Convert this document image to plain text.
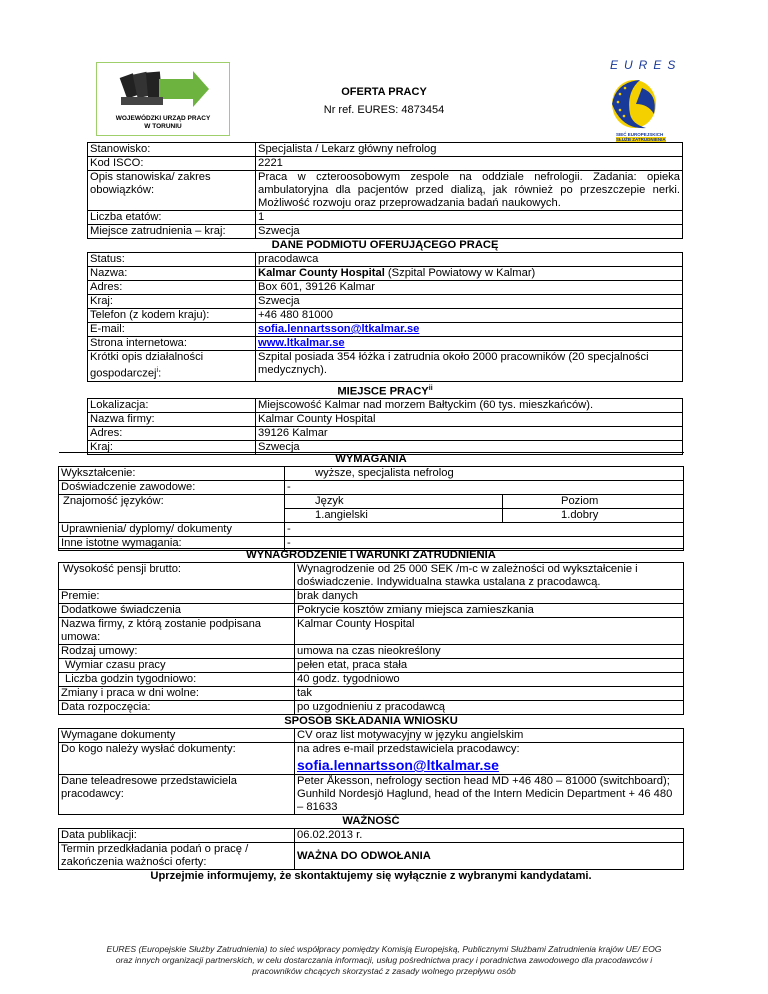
WOJEWÓDZKI URZĄD PRACY
W TORUNIU
OFERTA PRACY
Nr ref. EURES: 4873454
EURES
SIEĆ EUROPEJSKICH
SŁUŻB ZATRUDNIENIA
Stanowisko:	Specjalista / Lekarz główny nefrolog
Kod ISCO:	2221
Opis stanowiska/ zakres obowiązków:	Praca w czteroosobowym zespole na oddziale nefrologii. Zadania: opieka ambulatoryjna dla pacjentów przed dializą, jak również po przeszczepie nerki. Możliwość rozwoju oraz przeprowadzania badań naukowych.
Liczba etatów:	1
Miejsce zatrudnienia – kraj:	Szwecja
DANE PODMIOTU OFERUJĄCEGO PRACĘ	
Status:	pracodawca
Nazwa:	Kalmar County Hospital (Szpital Powiatowy w Kalmar)
Adres:	Box 601, 39126 Kalmar
Kraj:	Szwecja
Telefon (z kodem kraju):	+46 480 81000
E-mail:	sofia.lennartsson@ltkalmar.se
Strona internetowa:	www.ltkalmar.se
Krótki opis działalności gospodarczej$^i$:	Szpital posiada 354 łóżka i zatrudnia około 2000 pracowników (20 specjalności medycznych).
MIEJSCE PRACY$^{ii}$
Lokalizacja:	Miejscowość Kalmar nad morzem Bałtyckim (60 tys. mieszkańców).
Nazwa firmy:	Kalmar County Hospital
Adres:	39126 Kalmar
Kraj:	Szwecja
WYMAGANIA		
Wykształcenie:	wyższe, specjalista nefrolog	
Doświadczenie zawodowe:	-	
Znajomość języków:	Język	Poziom
	1.angielski	1.dobry
Uprawnienia/ dyplomy/ dokumenty	-	
Inne istotne wymagania:	-	
WYNAGRODZENIE I WARUNKI ZATRUDNIENIA	
Wysokość pensji brutto:	Wynagrodzenie od 25 000 SEK /m-c w zależności od wykształcenie i doświadczenie. Indywidualna stawka ustalana z pracodawcą.
Premie:	brak danych
Dodatkowe świadczenia	Pokrycie kosztów zmiany miejsca zamieszkania
Nazwa firmy, z którą zostanie podpisana umowa:	Kalmar County Hospital
Rodzaj umowy:	umowa na czas nieokreślony
Wymiar czasu pracy	pełen etat, praca stała
Liczba godzin tygodniowo:	40 godz. tygodniowo
Zmiany i praca w dni wolne:	tak
Data rozpoczęcia:	po uzgodnieniu z pracodawcą
SPOSÓB SKŁADANIA WNIOSKU	
Wymagane dokumenty	CV oraz list motywacyjny w języku angielskim
Do kogo należy wysłać dokumenty:	na adres e-mail przedstawiciela pracodawcy:
sofia.lennartsson@ltkalmar.se
Dane teleadresowe przedstawiciela pracodawcy:	Peter Åkesson, nefrology section head MD +46 480 – 81000 (switchboard);
Gunhild Nordesjö Haglund, head of the Intern Medicin Department + 46 480 – 81633

WAŻNOŚĆ	
Data publikacji:	06.02.2013 r.
Termin przedkładania podań o pracę / zakończenia ważności oferty:	WAŻNA DO ODWOŁANIA
Uprzejmie informujemy, że skontaktujemy się wyłącznie z wybranymi kandydatami.	
EURES (Europejskie Służby Zatrudnienia) to sieć współpracy pomiędzy Komisją Europejską, Publicznymi Służbami Zatrudnienia krajów UE/ EOG
oraz innych organizacji partnerskich, w celu dostarczania informacji, usług pośrednictwa pracy i poradnictwa zawodowego dla pracodawców i
pracowników chcących skorzystać z zasady wolnego przepływu osób
